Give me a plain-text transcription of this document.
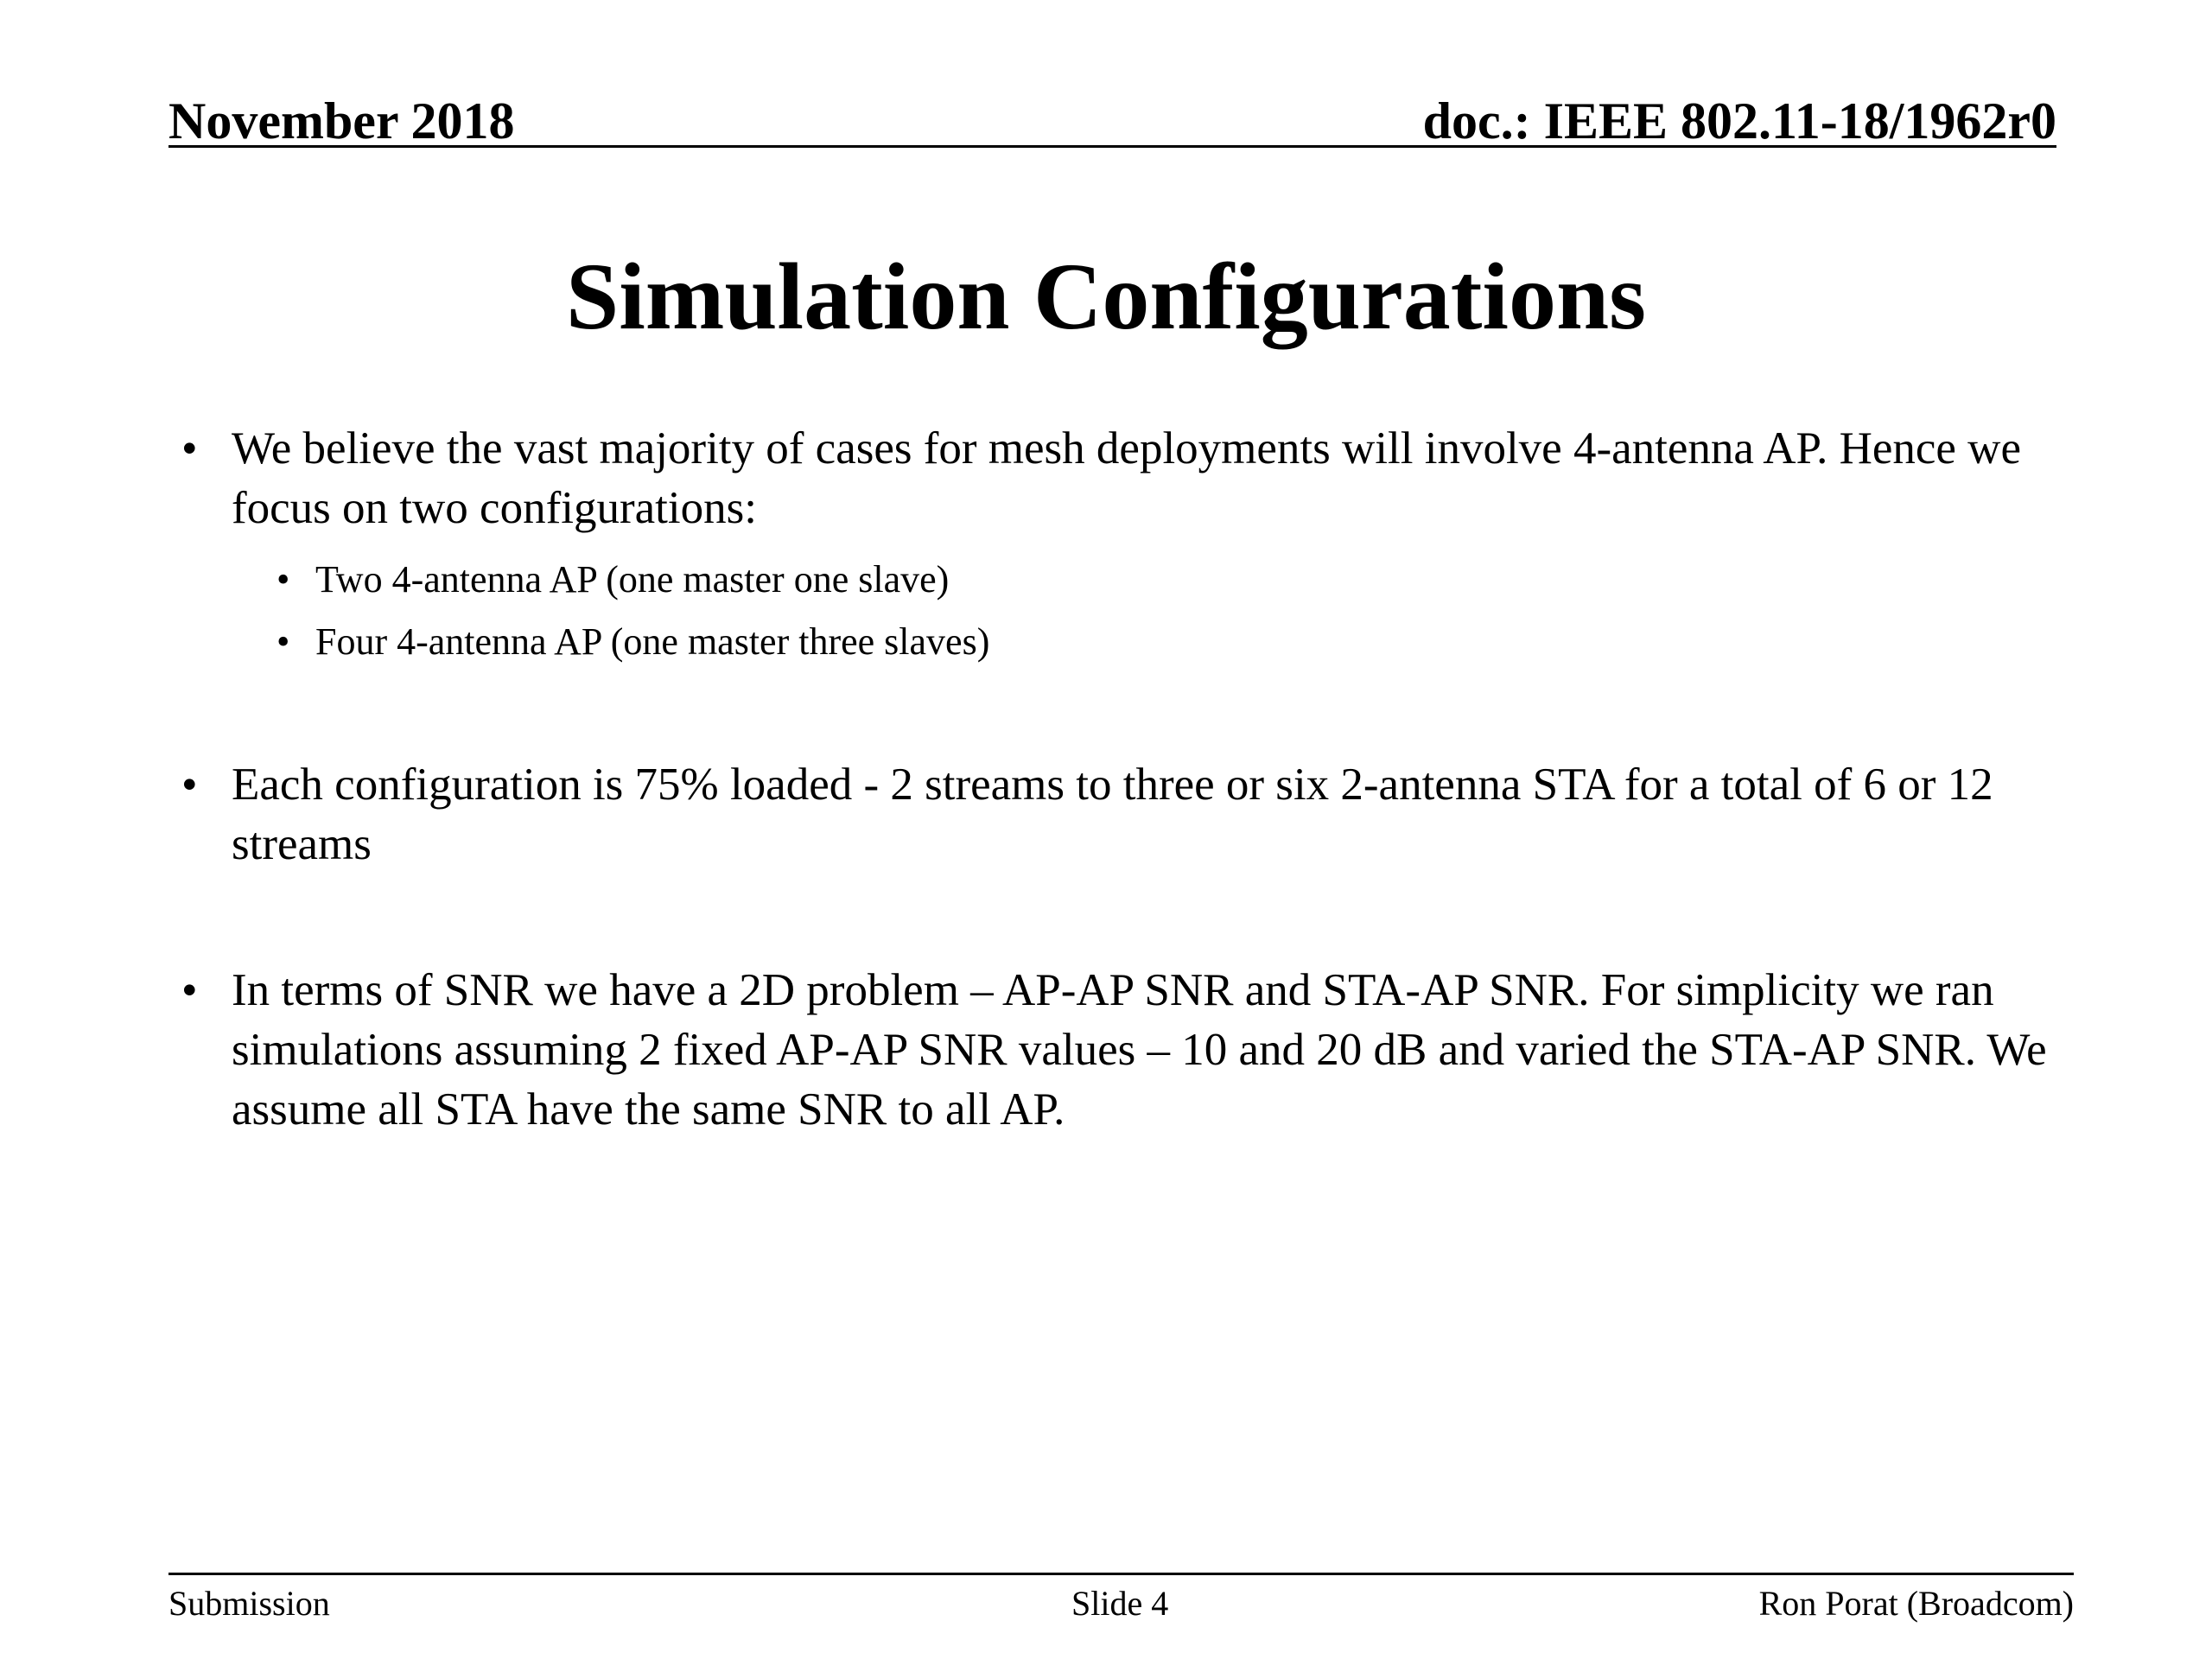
November 2018	doc.: IEEE 802.11-18/1962r0
Simulation Configurations
• We believe the vast majority of cases for mesh deployments will involve 4-antenna AP. Hence we focus on two configurations:
• Two 4-antenna AP (one master one slave)
• Four 4-antenna AP (one master three slaves)
• Each configuration is 75% loaded - 2 streams to three or six 2-antenna STA for a total of 6 or 12 streams
• In terms of SNR we have a 2D problem – AP-AP SNR and STA-AP SNR. For simplicity we ran simulations assuming 2 fixed AP-AP SNR values – 10 and 20 dB and varied the STA-AP SNR. We assume all STA have the same SNR to all AP.
Submission	Slide 4	Ron Porat (Broadcom)
